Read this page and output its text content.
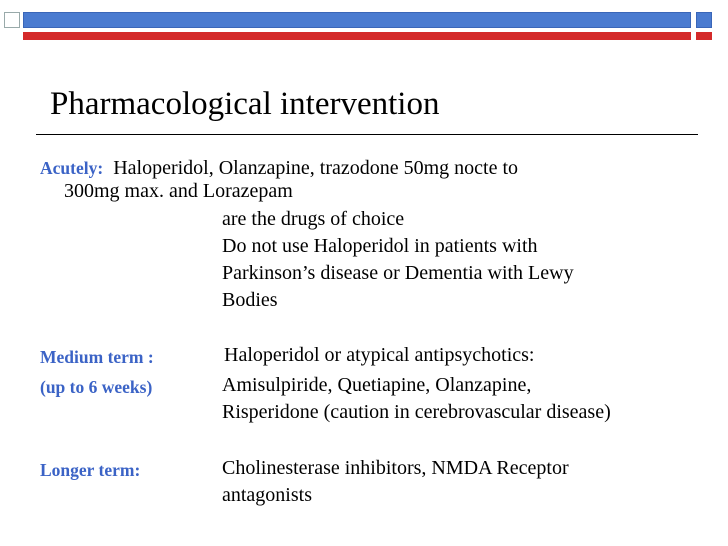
Pharmacological intervention
Acutely: Haloperidol, Olanzapine, trazodone 50mg nocte to
300mg max. and Lorazepam
are the drugs of choice
Do not use Haloperidol in patients with
Parkinson’s disease or Dementia with Lewy
Bodies
Medium term :	Haloperidol or atypical antipsychotics:
(up to 6 weeks)	Amisulpiride, Quetiapine, Olanzapine,
Risperidone (caution in cerebrovascular disease)
Longer term:	Cholinesterase inhibitors, NMDA Receptor
antagonists
